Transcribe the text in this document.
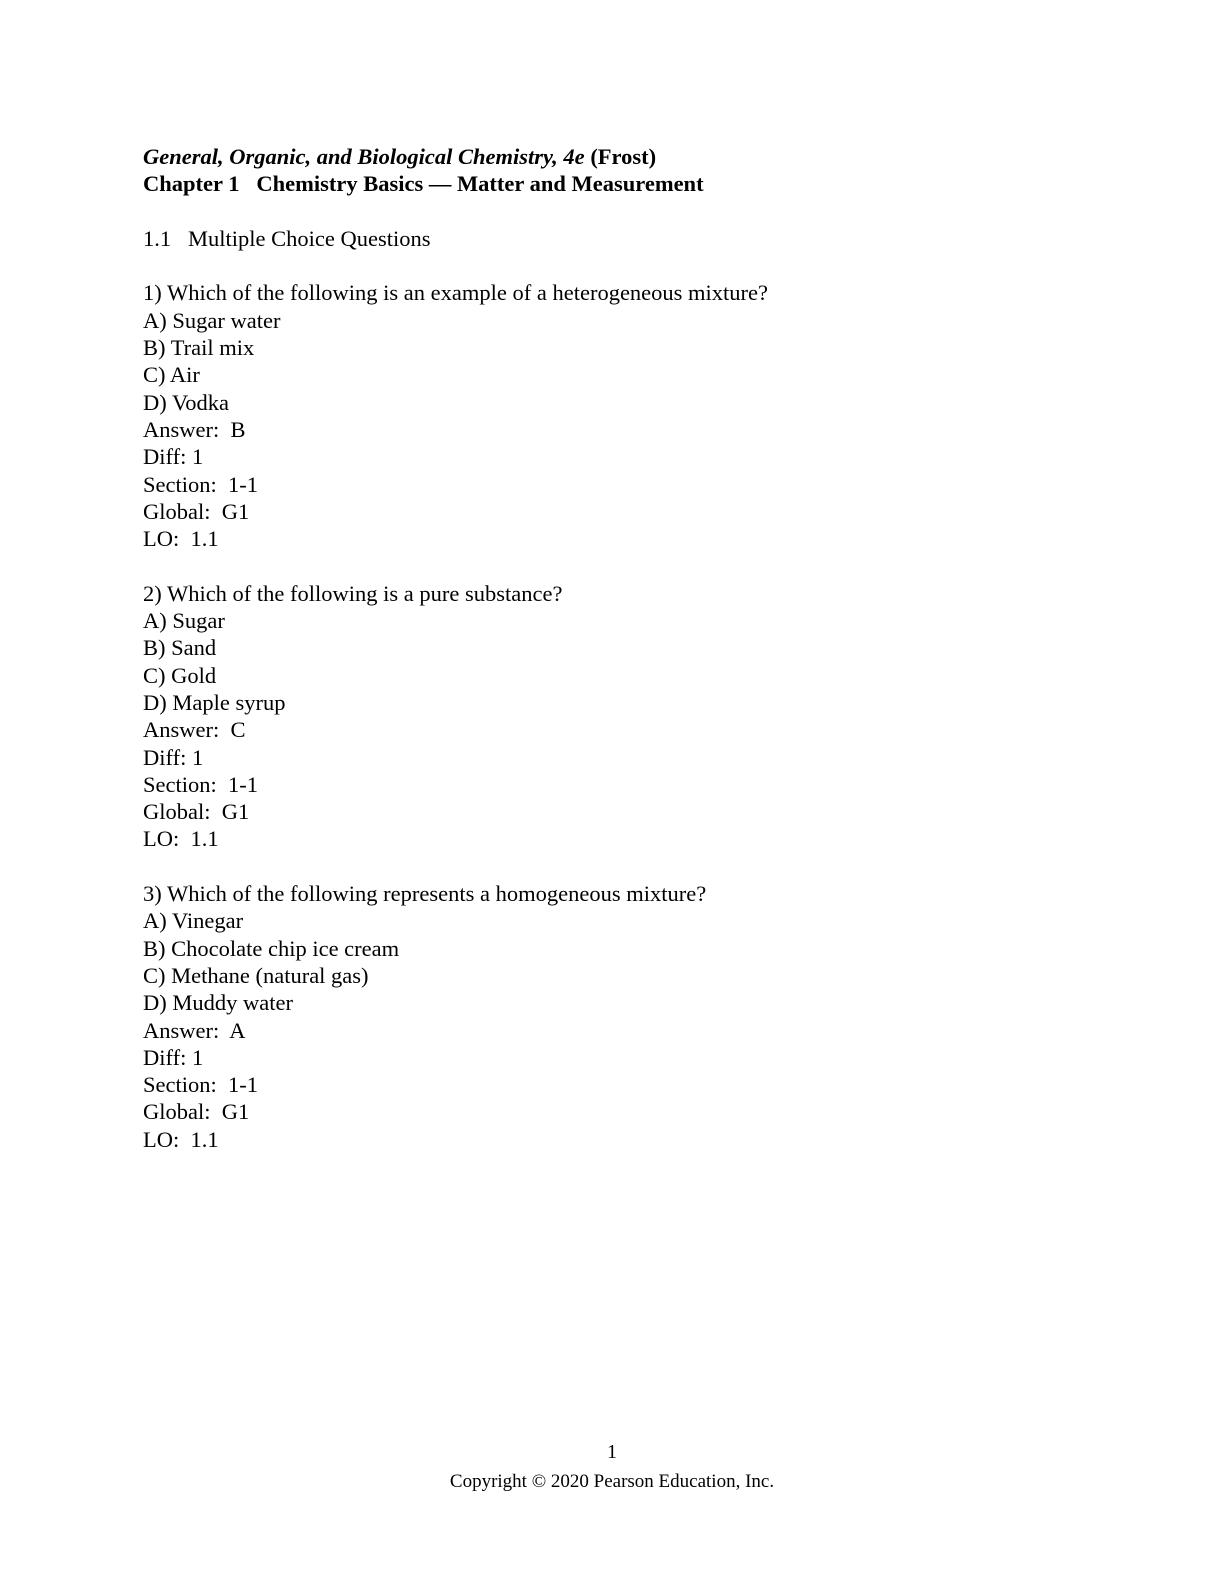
General, Organic, and Biological Chemistry, 4e (Frost)
Chapter 1   Chemistry Basics — Matter and Measurement
1.1   Multiple Choice Questions
1) Which of the following is an example of a heterogeneous mixture?
A) Sugar water
B) Trail mix
C) Air
D) Vodka
Answer:  B
Diff: 1
Section:  1-1
Global:  G1
LO:  1.1
2) Which of the following is a pure substance?
A) Sugar
B) Sand
C) Gold
D) Maple syrup
Answer:  C
Diff: 1
Section:  1-1
Global:  G1
LO:  1.1
3) Which of the following represents a homogeneous mixture?
A) Vinegar
B) Chocolate chip ice cream
C) Methane (natural gas)
D) Muddy water
Answer:  A
Diff: 1
Section:  1-1
Global:  G1
LO:  1.1
1
Copyright © 2020 Pearson Education, Inc.
